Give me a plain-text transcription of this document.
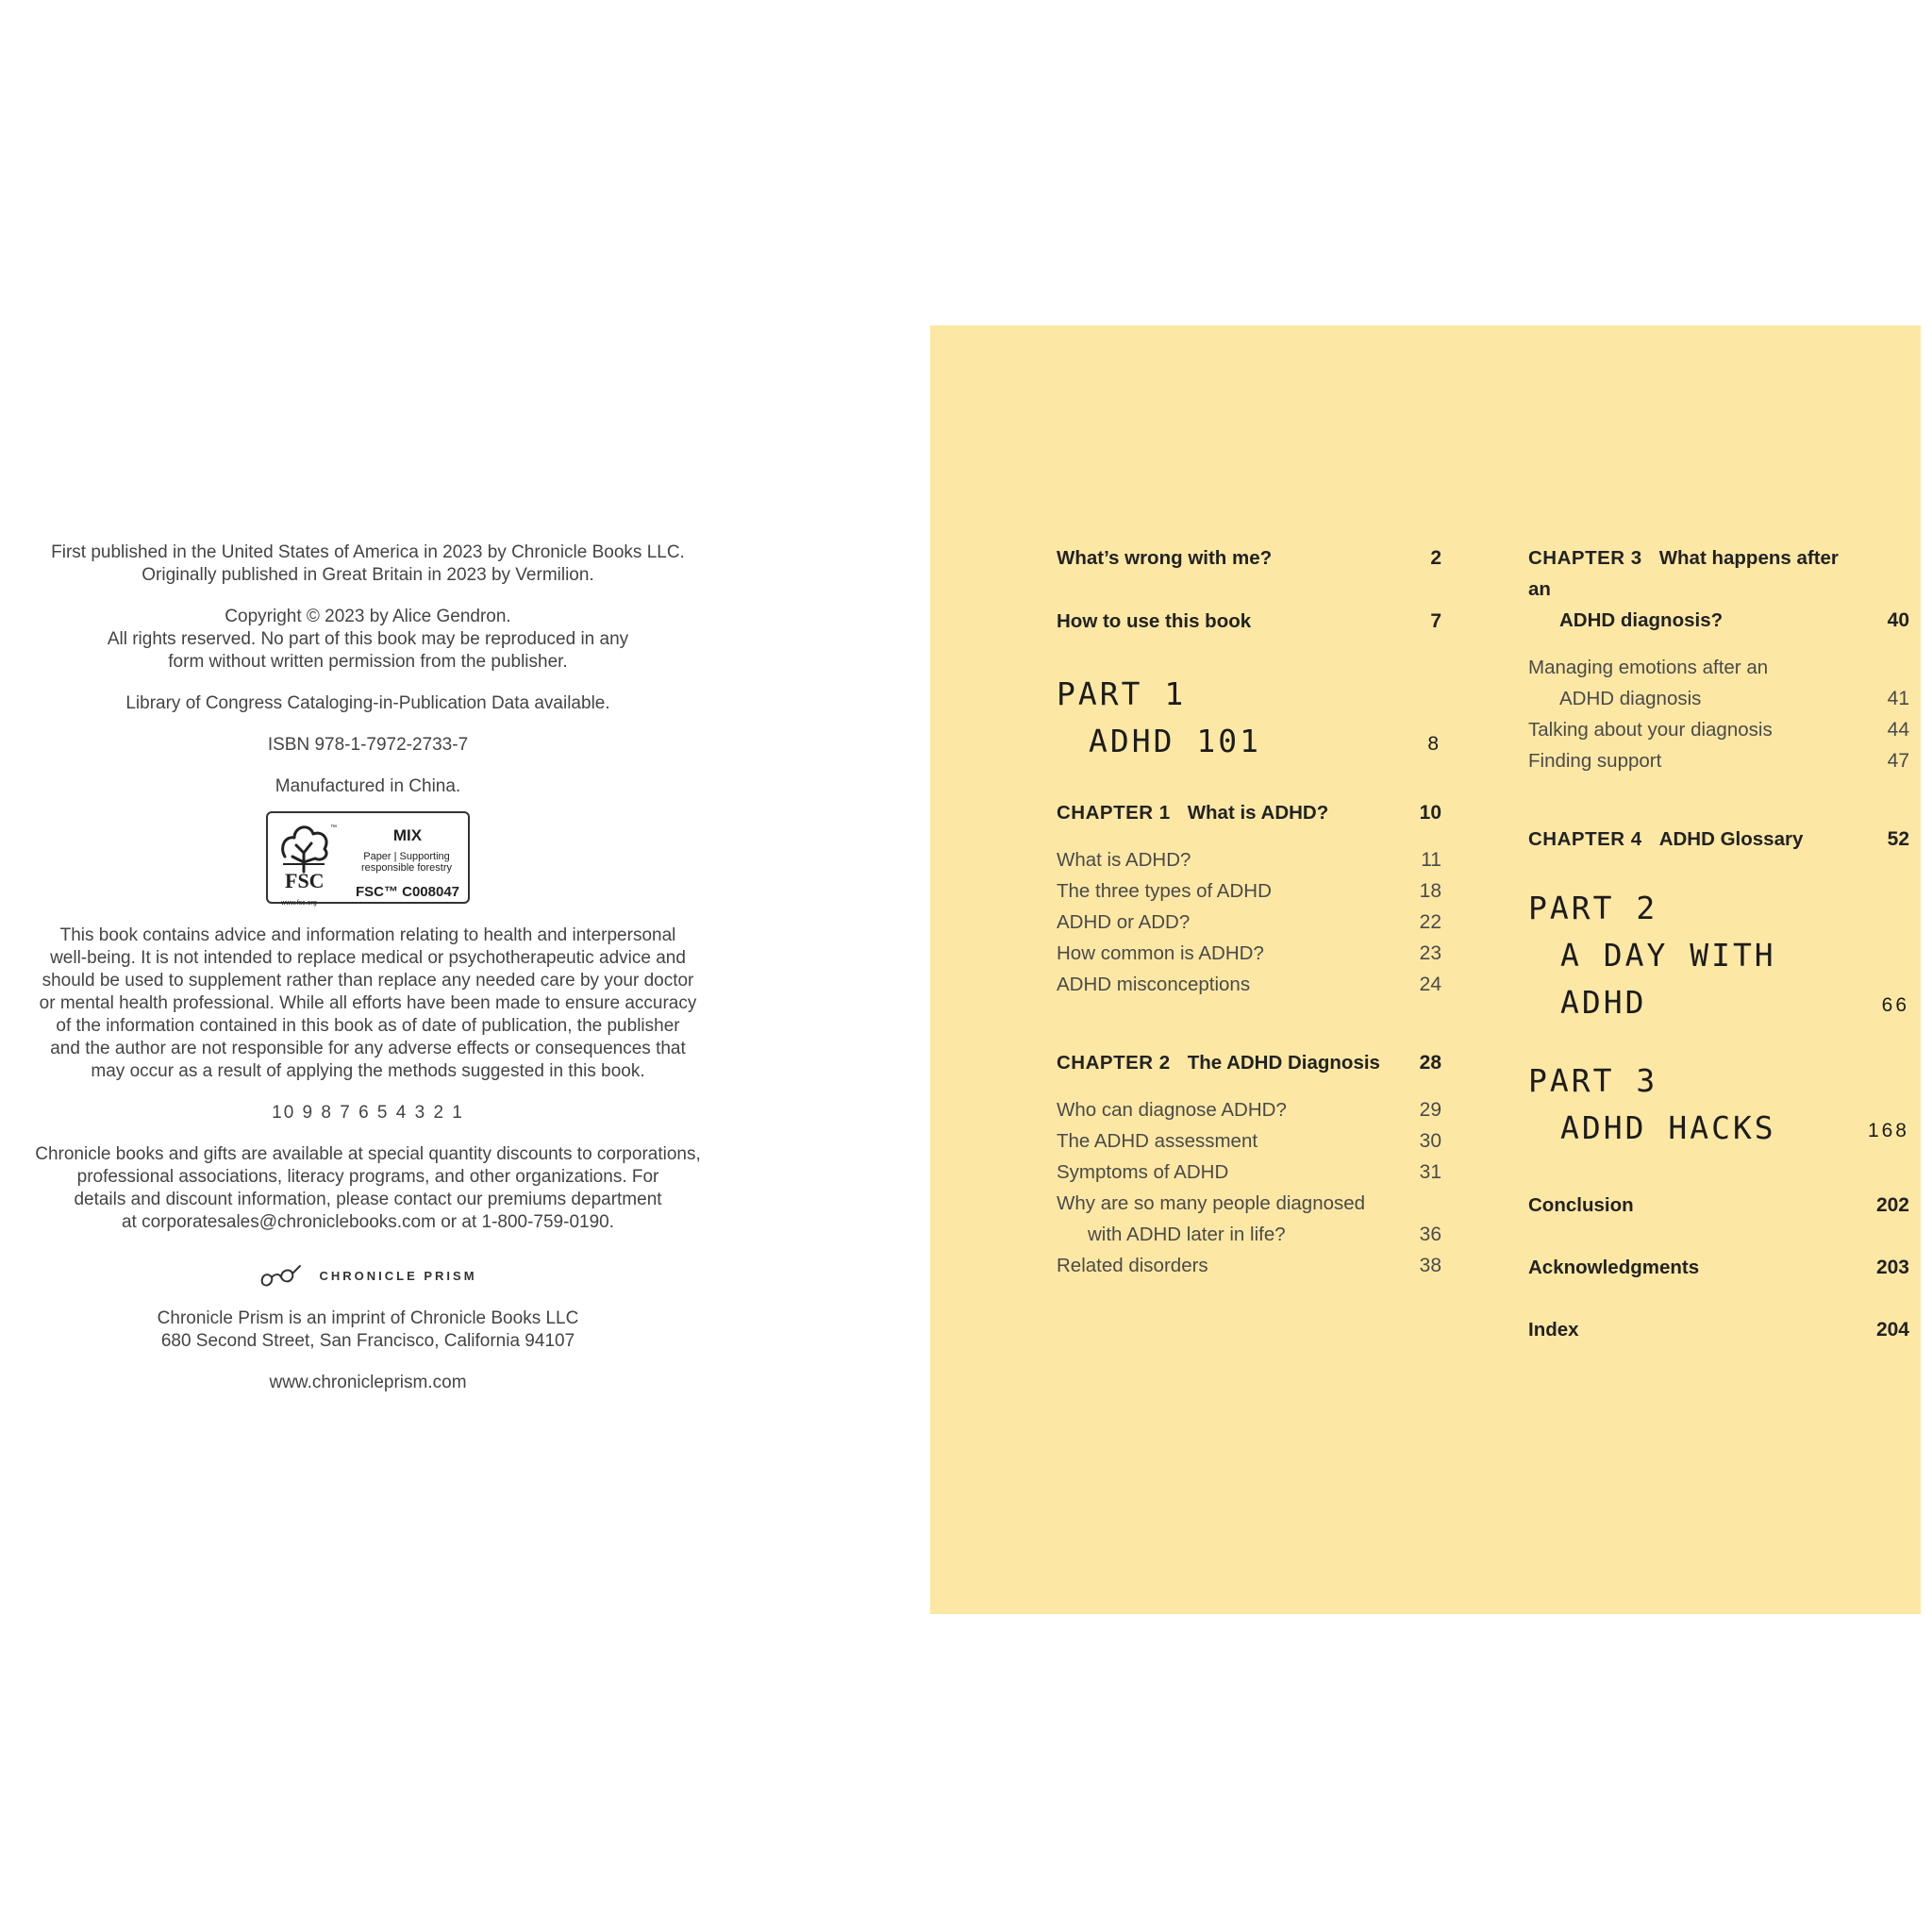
First published in the United States of America in 2023 by Chronicle Books LLC.

Originally published in Great Britain in 2023 by Vermilion.

Copyright © 2023 by Alice Gendron.

All rights reserved. No part of this book may be reproduced in any

form without written permission from the publisher.

Library of Congress Cataloging-in-Publication Data available.

ISBN 978-1-7972-2733-7

Manufactured in China.

™
FSC
www.fsc.org
MIX
Paper | Supporting
responsible forestry
FSC™ C008047

This book contains advice and information relating to health and interpersonal

well-being. It is not intended to replace medical or psychotherapeutic advice and

should be used to supplement rather than replace any needed care by your doctor

or mental health professional. While all efforts have been made to ensure accuracy

of the information contained in this book as of date of publication, the publisher

and the author are not responsible for any adverse effects or consequences that

may occur as a result of applying the methods suggested in this book.

10 9 8 7 6 5 4 3 2 1

Chronicle books and gifts are available at special quantity discounts to corporations,

professional associations, literacy programs, and other organizations. For

details and discount information, please contact our premiums department

at corporatesales@chroniclebooks.com or at 1-800-759-0190.

CHRONICLE PRISM

Chronicle Prism is an imprint of Chronicle Books LLC

680 Second Street, San Francisco, California 94107

www.chronicleprism.com

What’s wrong with me?	2
How to use this book	7
PART 1
ADHD 101	8
CHAPTER 1 What is ADHD?	10
What is ADHD?	11
The three types of ADHD	18
ADHD or ADD?	22
How common is ADHD?	23
ADHD misconceptions	24
CHAPTER 2 The ADHD Diagnosis	28
Who can diagnose ADHD?	29
The ADHD assessment	30
Symptoms of ADHD	31
Why are so many people diagnosed
with ADHD later in life?	36
Related disorders	38
CHAPTER 3 What happens after an
ADHD diagnosis?	40
Managing emotions after an
ADHD diagnosis	41
Talking about your diagnosis	44
Finding support	47
CHAPTER 4 ADHD Glossary	52
PART 2
A DAY WITH ADHD	66
PART 3
ADHD HACKS	168
Conclusion	202
Acknowledgments	203
Index	204
